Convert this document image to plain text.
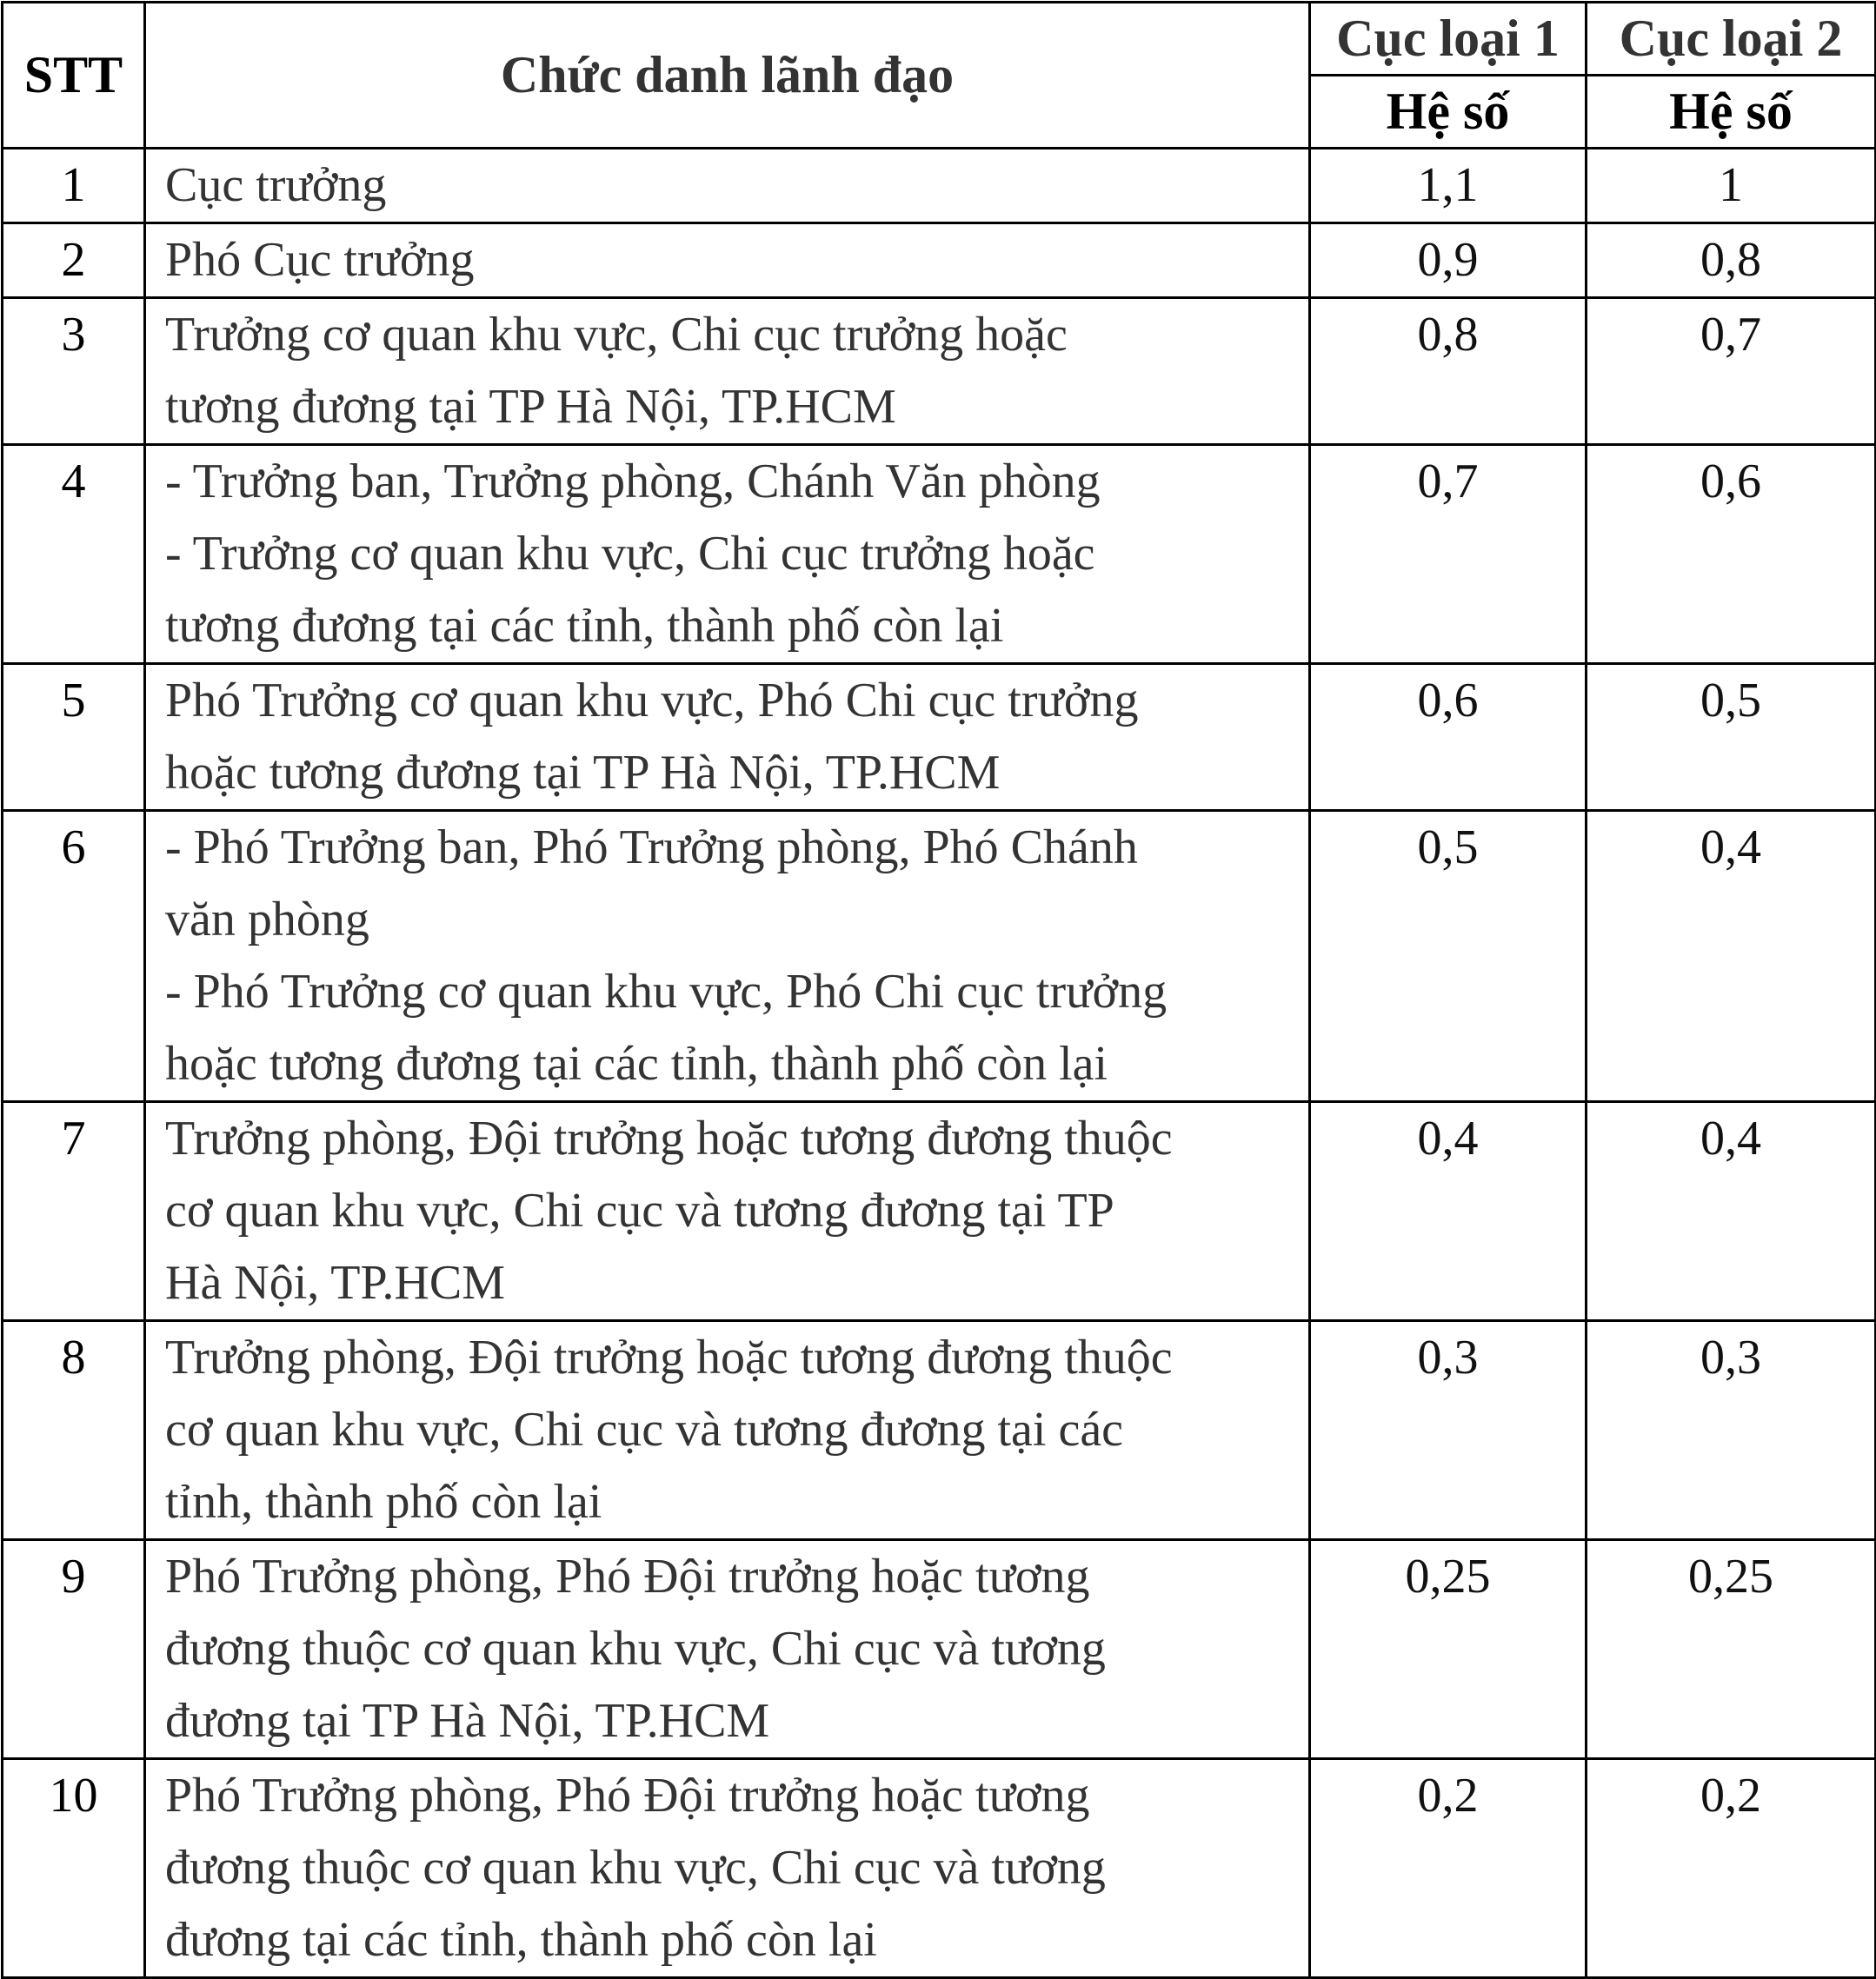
STT	Chức danh lãnh đạo	Cục loại 1	Cục loại 2
		Hệ số	Hệ số
1	Cục trưởng	1,1	1
2	Phó Cục trưởng	0,9	0,8
3	Trưởng cơ quan khu vực, Chi cục trưởng hoặc
tương đương tại TP Hà Nội, TP.HCM	0,8	0,7
4	- Trưởng ban, Trưởng phòng, Chánh Văn phòng
- Trưởng cơ quan khu vực, Chi cục trưởng hoặc
tương đương tại các tỉnh, thành phố còn lại	0,7	0,6
5	Phó Trưởng cơ quan khu vực, Phó Chi cục trưởng
hoặc tương đương tại TP Hà Nội, TP.HCM	0,6	0,5
6	- Phó Trưởng ban, Phó Trưởng phòng, Phó Chánh
văn phòng
- Phó Trưởng cơ quan khu vực, Phó Chi cục trưởng
hoặc tương đương tại các tỉnh, thành phố còn lại	0,5	0,4
7	Trưởng phòng, Đội trưởng hoặc tương đương thuộc
cơ quan khu vực, Chi cục và tương đương tại TP
Hà Nội, TP.HCM	0,4	0,4
8	Trưởng phòng, Đội trưởng hoặc tương đương thuộc
cơ quan khu vực, Chi cục và tương đương tại các
tỉnh, thành phố còn lại	0,3	0,3
9	Phó Trưởng phòng, Phó Đội trưởng hoặc tương
đương thuộc cơ quan khu vực, Chi cục và tương
đương tại TP Hà Nội, TP.HCM	0,25	0,25
10	Phó Trưởng phòng, Phó Đội trưởng hoặc tương
đương thuộc cơ quan khu vực, Chi cục và tương
đương tại các tỉnh, thành phố còn lại	0,2	0,2
